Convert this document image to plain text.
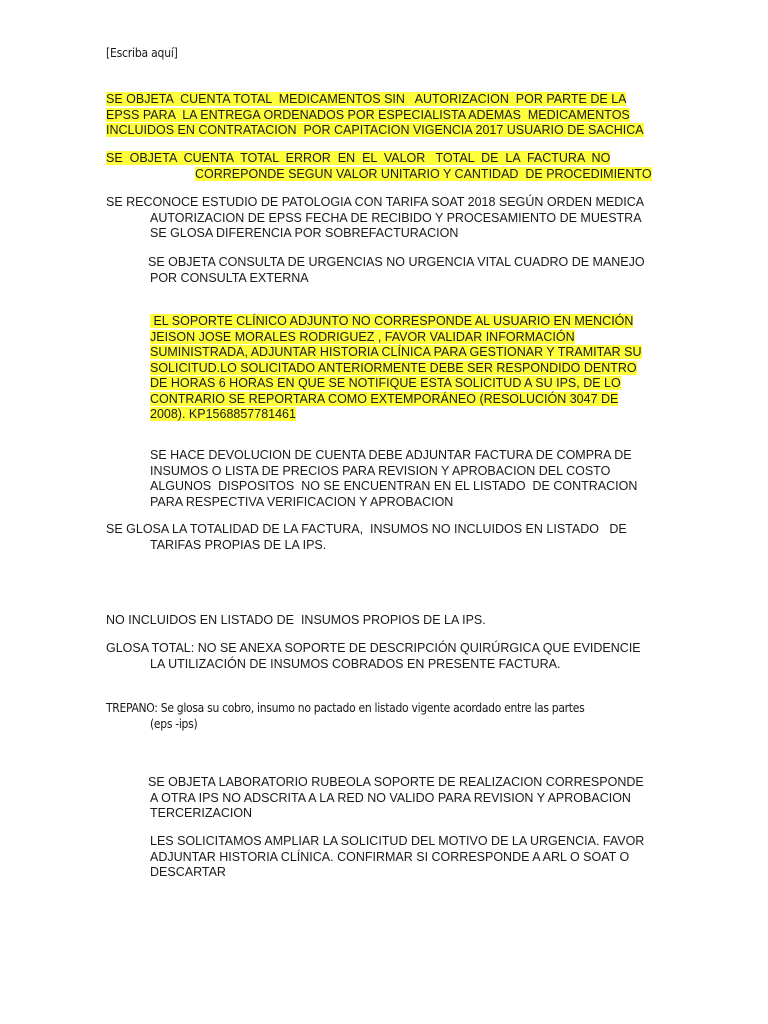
[Escriba aquí]
SE OBJETA  CUENTA TOTAL  MEDICAMENTOS SIN   AUTORIZACION  POR PARTE DE LA
EPSS PARA  LA ENTREGA ORDENADOS POR ESPECIALISTA ADEMAS  MEDICAMENTOS
INCLUIDOS EN CONTRATACION  POR CAPITACION VIGENCIA 2017 USUARIO DE SACHICA
SE  OBJETA  CUENTA  TOTAL  ERROR  EN  EL  VALOR   TOTAL  DE  LA  FACTURA  NO
CORREPONDE SEGUN VALOR UNITARIO Y CANTIDAD  DE PROCEDIMIENTO
SE RECONOCE ESTUDIO DE PATOLOGIA CON TARIFA SOAT 2018 SEGÚN ORDEN MEDICA
AUTORIZACION DE EPSS FECHA DE RECIBIDO Y PROCESAMIENTO DE MUESTRA
SE GLOSA DIFERENCIA POR SOBREFACTURACION
SE OBJETA CONSULTA DE URGENCIAS NO URGENCIA VITAL CUADRO DE MANEJO
POR CONSULTA EXTERNA
EL SOPORTE CLÍNICO ADJUNTO NO CORRESPONDE AL USUARIO EN MENCIÓN
JEISON JOSE MORALES RODRIGUEZ , FAVOR VALIDAR INFORMACIÓN
SUMINISTRADA, ADJUNTAR HISTORIA CLÍNICA PARA GESTIONAR Y TRAMITAR SU
SOLICITUD.LO SOLICITADO ANTERIORMENTE DEBE SER RESPONDIDO DENTRO
DE HORAS 6 HORAS EN QUE SE NOTIFIQUE ESTA SOLICITUD A SU IPS, DE LO
CONTRARIO SE REPORTARA COMO EXTEMPORÁNEO (RESOLUCIÓN 3047 DE
2008). KP1568857781461
SE HACE DEVOLUCION DE CUENTA DEBE ADJUNTAR FACTURA DE COMPRA DE
INSUMOS O LISTA DE PRECIOS PARA REVISION Y APROBACION DEL COSTO
ALGUNOS  DISPOSITOS  NO SE ENCUENTRAN EN EL LISTADO  DE CONTRACION
PARA RESPECTIVA VERIFICACION Y APROBACION
SE GLOSA LA TOTALIDAD DE LA FACTURA,  INSUMOS NO INCLUIDOS EN LISTADO   DE
TARIFAS PROPIAS DE LA IPS.
NO INCLUIDOS EN LISTADO DE  INSUMOS PROPIOS DE LA IPS.
GLOSA TOTAL: NO SE ANEXA SOPORTE DE DESCRIPCIÓN QUIRÚRGICA QUE EVIDENCIE
LA UTILIZACIÓN DE INSUMOS COBRADOS EN PRESENTE FACTURA.
TREPANO: Se glosa su cobro, insumo no pactado en listado vigente acordado entre las partes
(eps -ips)
SE OBJETA LABORATORIO RUBEOLA SOPORTE DE REALIZACION CORRESPONDE
A OTRA IPS NO ADSCRITA A LA RED NO VALIDO PARA REVISION Y APROBACION
TERCERIZACION
LES SOLICITAMOS AMPLIAR LA SOLICITUD DEL MOTIVO DE LA URGENCIA. FAVOR
ADJUNTAR HISTORIA CLÍNICA. CONFIRMAR SI CORRESPONDE A ARL O SOAT O
DESCARTAR
